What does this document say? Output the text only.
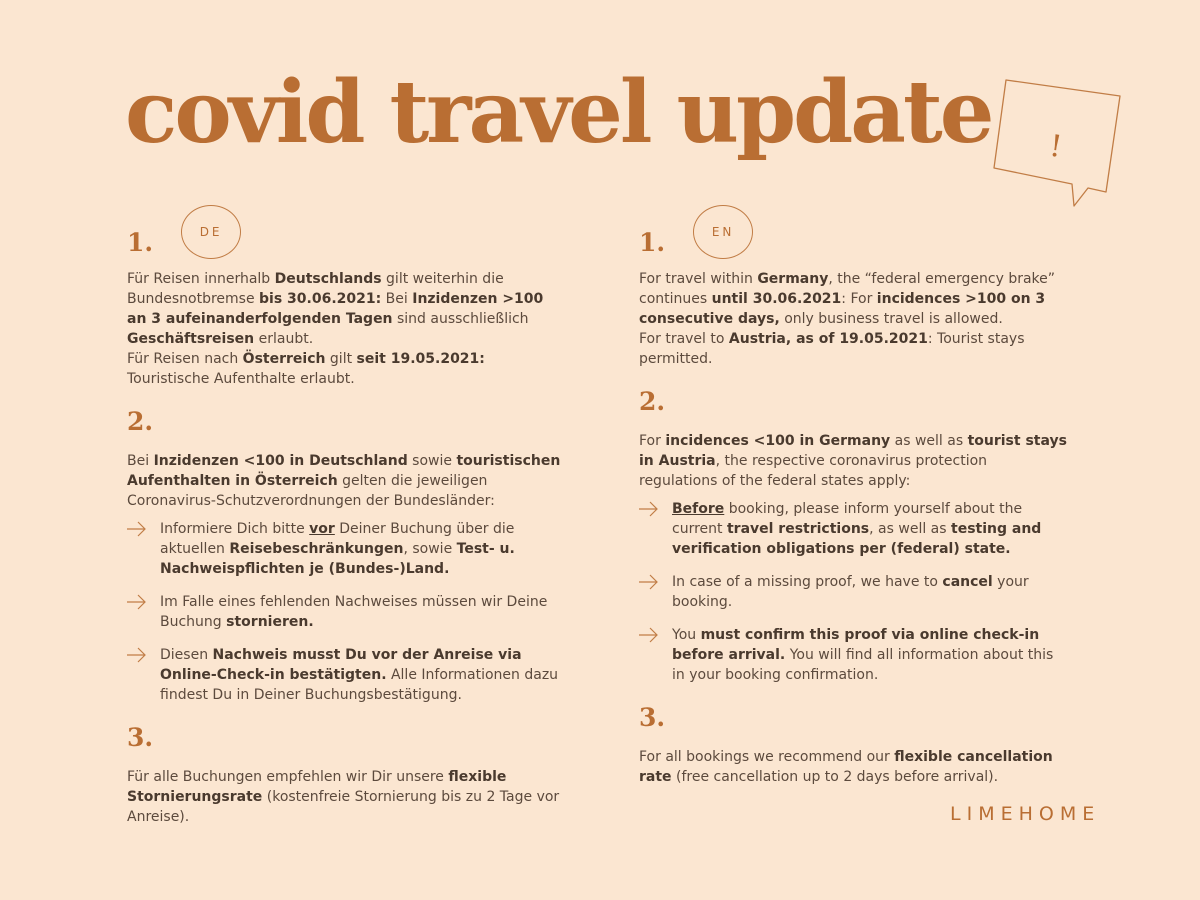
covid travel update !
1.	DE

Für Reisen innerhalb Deutschlands gilt weiterhin die Bundesnotbremse bis 30.06.2021: Bei Inzidenzen >100 an 3 aufeinanderfolgenden Tagen sind ausschließlich Geschäftsreisen erlaubt.

Für Reisen nach Österreich gilt seit 19.05.2021: Touristische Aufenthalte erlaubt.

2.

Bei Inzidenzen <100 in Deutschland sowie touristischen Aufenthalten in Österreich gelten die jeweiligen Coronavirus-Schutzverordnungen der Bundesländer:

Informiere Dich bitte vor Deiner Buchung über die aktuellen Reisebeschränkungen, sowie Test- u. Nachweispflichten je (Bundes-)Land.
Im Falle eines fehlenden Nachweises müssen wir Deine Buchung stornieren.
Diesen Nachweis musst Du vor der Anreise via Online-Check-in bestätigten. Alle Informationen dazu findest Du in Deiner Buchungsbestätigung.
3.

Für alle Buchungen empfehlen wir Dir unsere flexible Stornierungsrate (kostenfreie Stornierung bis zu 2 Tage vor Anreise).

1.	EN

For travel within Germany, the “federal emergency brake” continues until 30.06.2021: For incidences >100 on 3 consecutive days, only business travel is allowed.

For travel to Austria, as of 19.05.2021: Tourist stays permitted.

2.

For incidences <100 in Germany as well as tourist stays in Austria, the respective coronavirus protection regulations of the federal states apply:

Before booking, please inform yourself about the current travel restrictions, as well as testing and verification obligations per (federal) state.
In case of a missing proof, we have to cancel your booking.
You must confirm this proof via online check-in before arrival. You will find all information about this in your booking confirmation.
3.

For all bookings we recommend our flexible cancellation rate (free cancellation up to 2 days before arrival).

LIMEHOME
